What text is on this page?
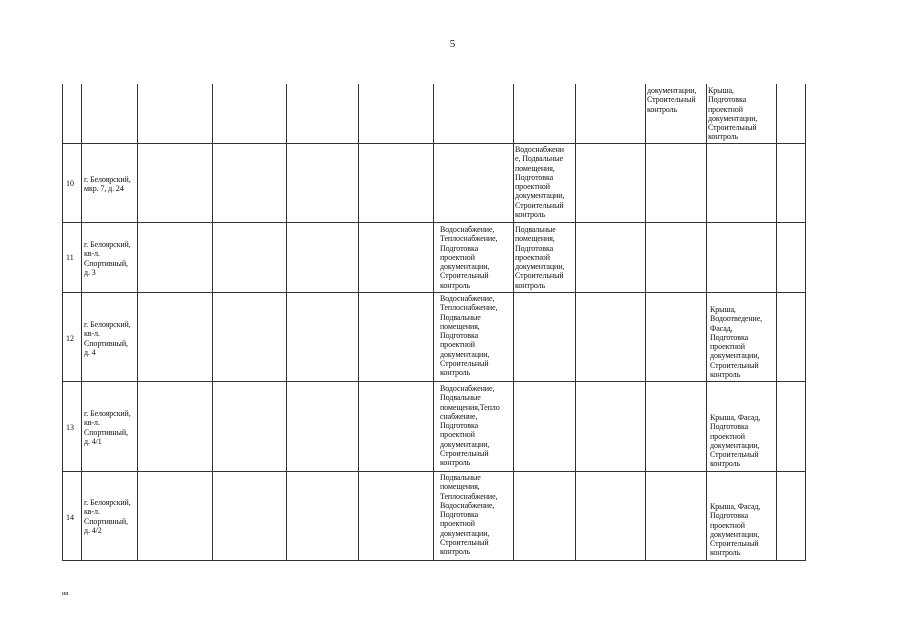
5
документации,
Строительный
контроль
Крыша,
Подготовка
проектной
документации,
Строительный
контроль
10 г. Белоярский,
мкр. 7, д. 24
Водоснабжени
е, Подвальные
помещения,
Подготовка
проектной
документации,
Строительный
контроль
11
г. Белоярский,
кв-л.
Спортивный,
д. 3
Водоснабжение,
Теплоснабжение,
Подготовка
проектной
документации,
Строительный
контроль
Подвальные
помещения,
Подготовка
проектной
документации,
Строительный
контроль
12
г. Белоярский,
кв-л.
Спортивный,
д. 4
Водоснабжение,
Теплоснабжение,
Подвальные
помещения,
Подготовка
проектной
документации,
Строительный
контроль
Крыша,
Водоотведение,
Фасад,
Подготовка
проектной
документации,
Строительный
контроль
13
г. Белоярский,
кв-л.
Спортивный,
д. 4/1
Водоснабжение,
Подвальные
помещения,Тепло
снабжение,
Подготовка
проектной
документации,
Строительный
контроль
Крыша, Фасад,
Подготовка
проектной
документации,
Строительный
контроль
14
г. Белоярский,
кв-л.
Спортивный,
д. 4/2
Подвальные
помещения,
Теплоснабжение,
Водоснабжение,
Подготовка
проектной
документации,
Строительный
контроль
Крыша, Фасад,
Подготовка
проектной
документации,
Строительный
контроль
ии
